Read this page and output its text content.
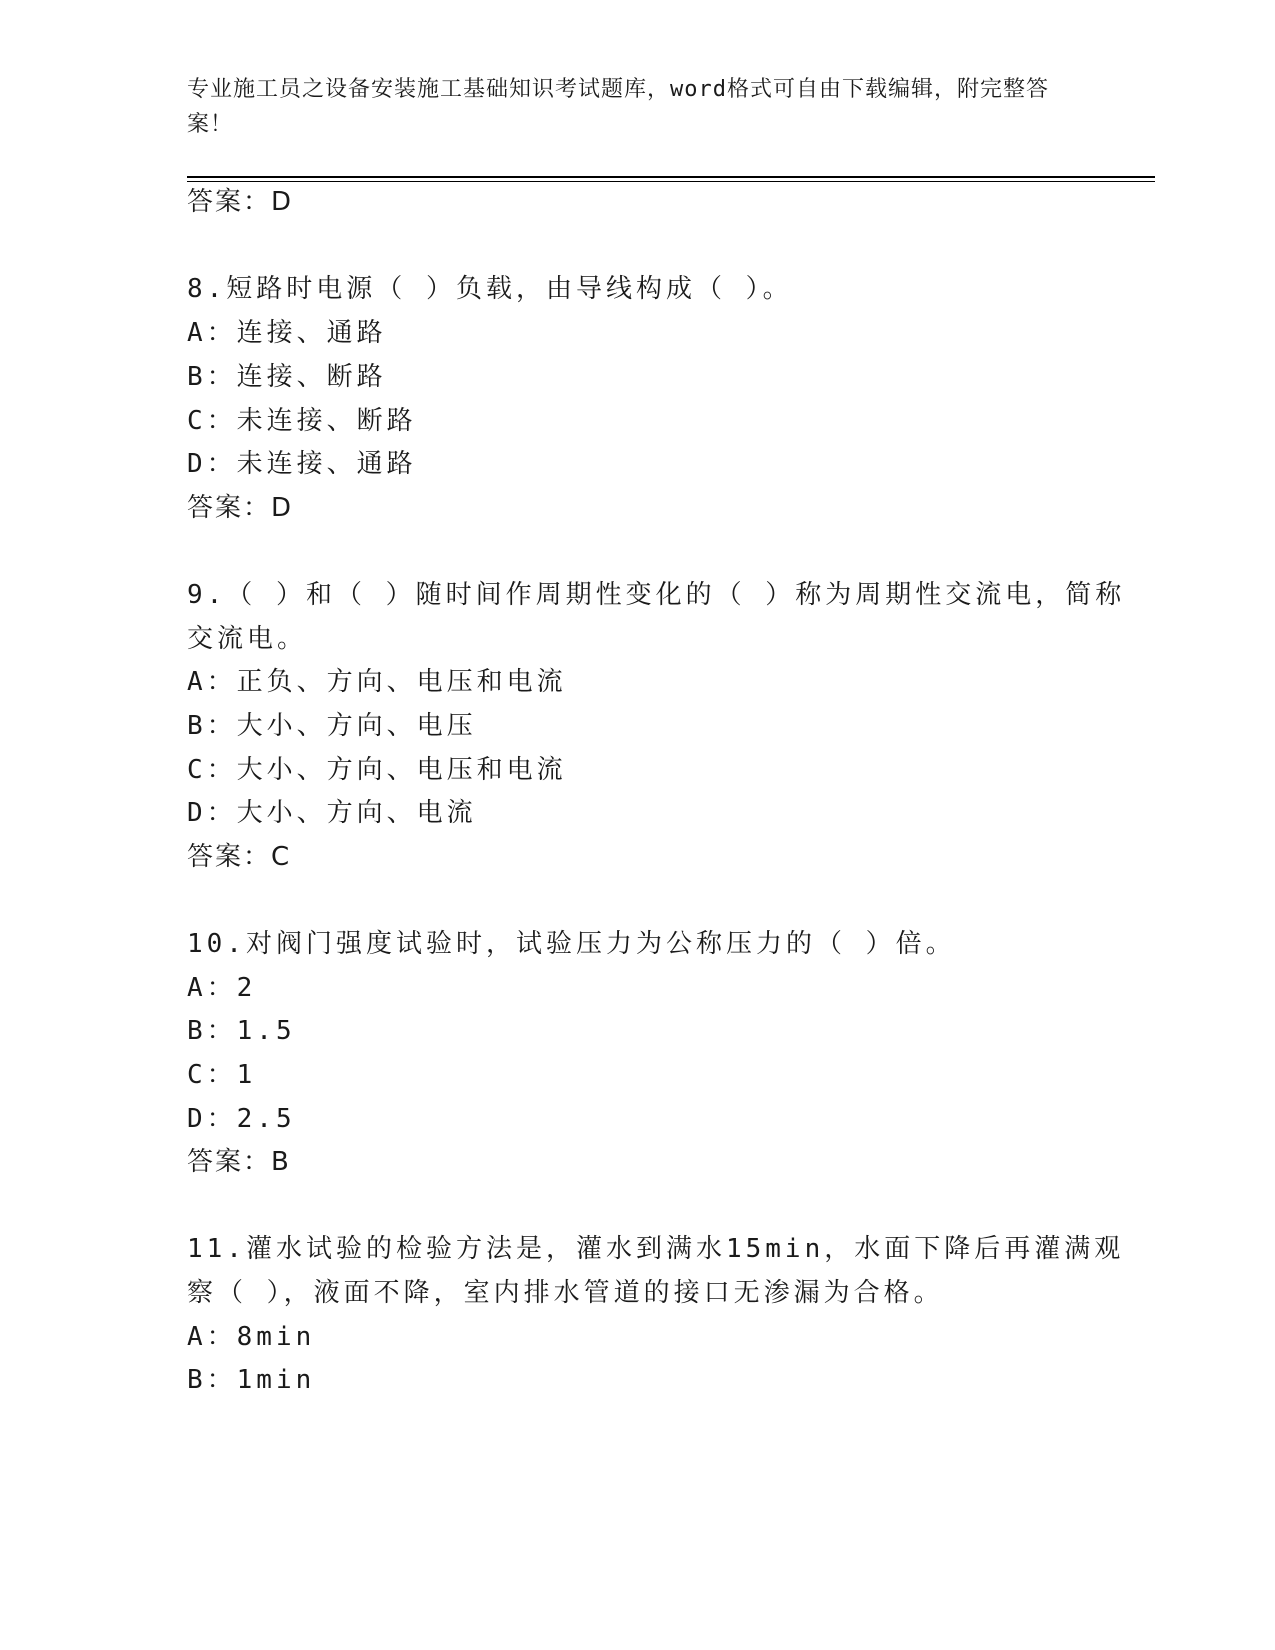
专业施工员之设备安装施工基础知识考试题库，word格式可自由下载编辑，附完整答案！
答案：D
8.短路时电源（ ）负载，由导线构成（ ）。
A：连接、通路
B：连接、断路
C：未连接、断路
D：未连接、通路
答案：D
9.（ ）和（ ）随时间作周期性变化的（ ）称为周期性交流电，简称
交流电。
A：正负、方向、电压和电流
B：大小、方向、电压
C：大小、方向、电压和电流
D：大小、方向、电流
答案：C
10.对阀门强度试验时，试验压力为公称压力的（ ）倍。
A：2
B：1.5
C：1
D：2.5
答案：B
11.灌水试验的检验方法是，灌水到满水15min，水面下降后再灌满观
察（ ），液面不降，室内排水管道的接口无渗漏为合格。
A：8min
B：1min
